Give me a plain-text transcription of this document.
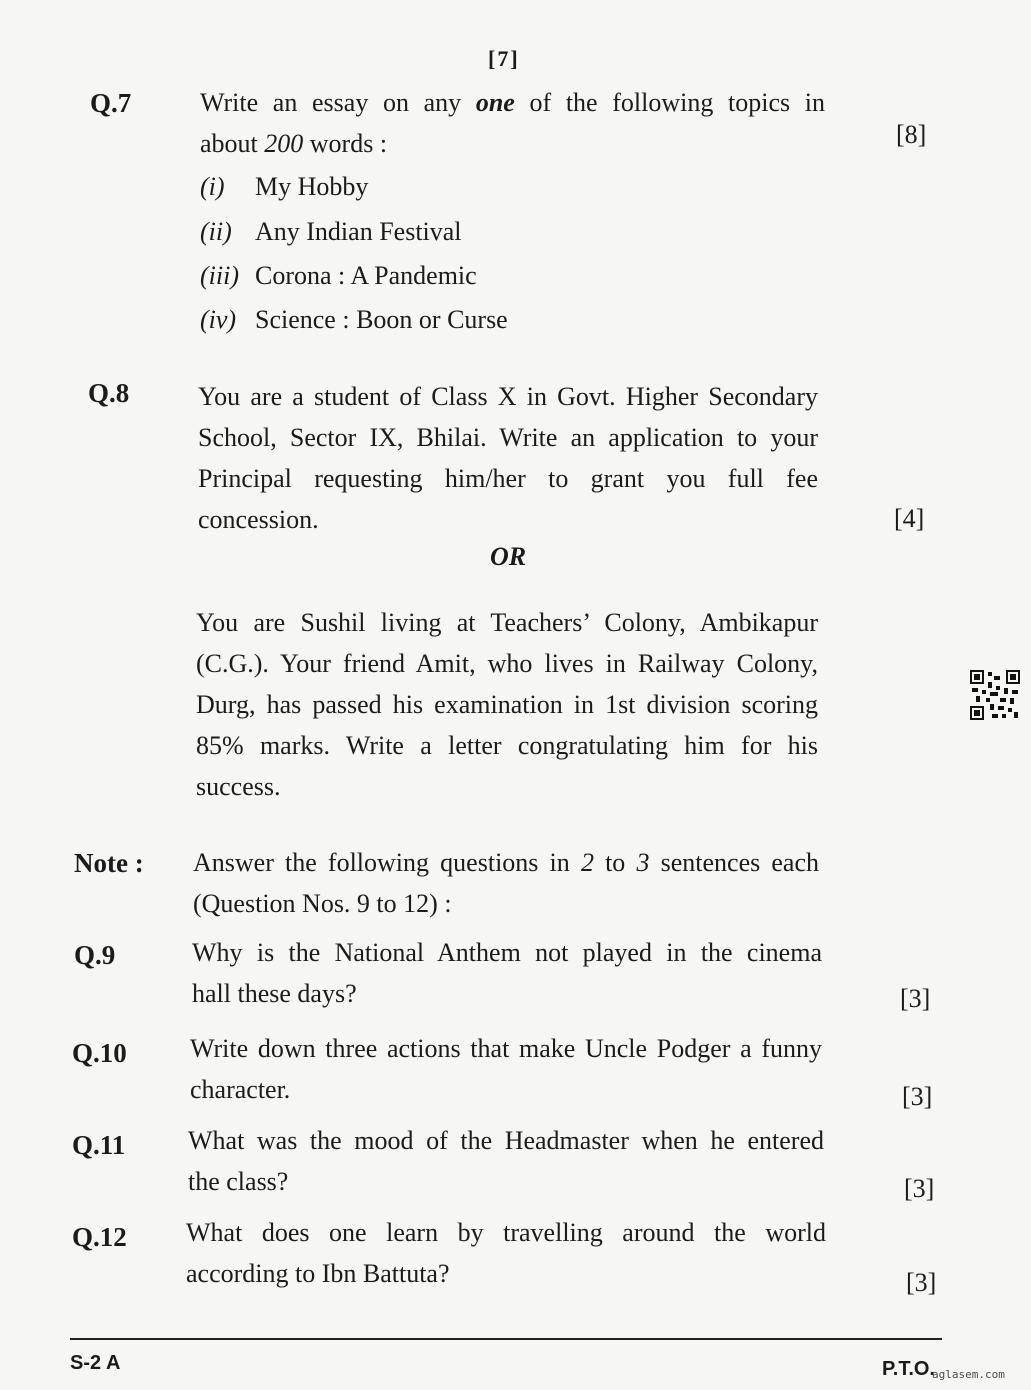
[7]
Q.7	Write an essay on any one of the following topics in
about 200 words :	[8]
(i) My Hobby
(ii) Any Indian Festival
(iii) Corona : A Pandemic
(iv) Science : Boon or Curse
Q.8	You are a student of Class X in Govt. Higher Secondary
School, Sector IX, Bhilai. Write an application to your
Principal requesting him/her to grant you full fee
concession.	[4]
OR
You are Sushil living at Teachers’ Colony, Ambikapur
(C.G.). Your friend Amit, who lives in Railway Colony,
Durg, has passed his examination in 1st division scoring
85% marks. Write a letter congratulating him for his
success.
Note : Answer the following questions in 2 to 3 sentences each
(Question Nos. 9 to 12) :
Q.9	Why is the National Anthem not played in the cinema
hall these days?	[3]
Q.10 Write down three actions that make Uncle Podger a funny
character.	[3]
Q.11 What was the mood of the Headmaster when he entered
the class?	[3]
Q.12 What does one learn by travelling around the world
according to Ibn Battuta?	[3]
S-2 A	P.T.O.
aglasem.com
